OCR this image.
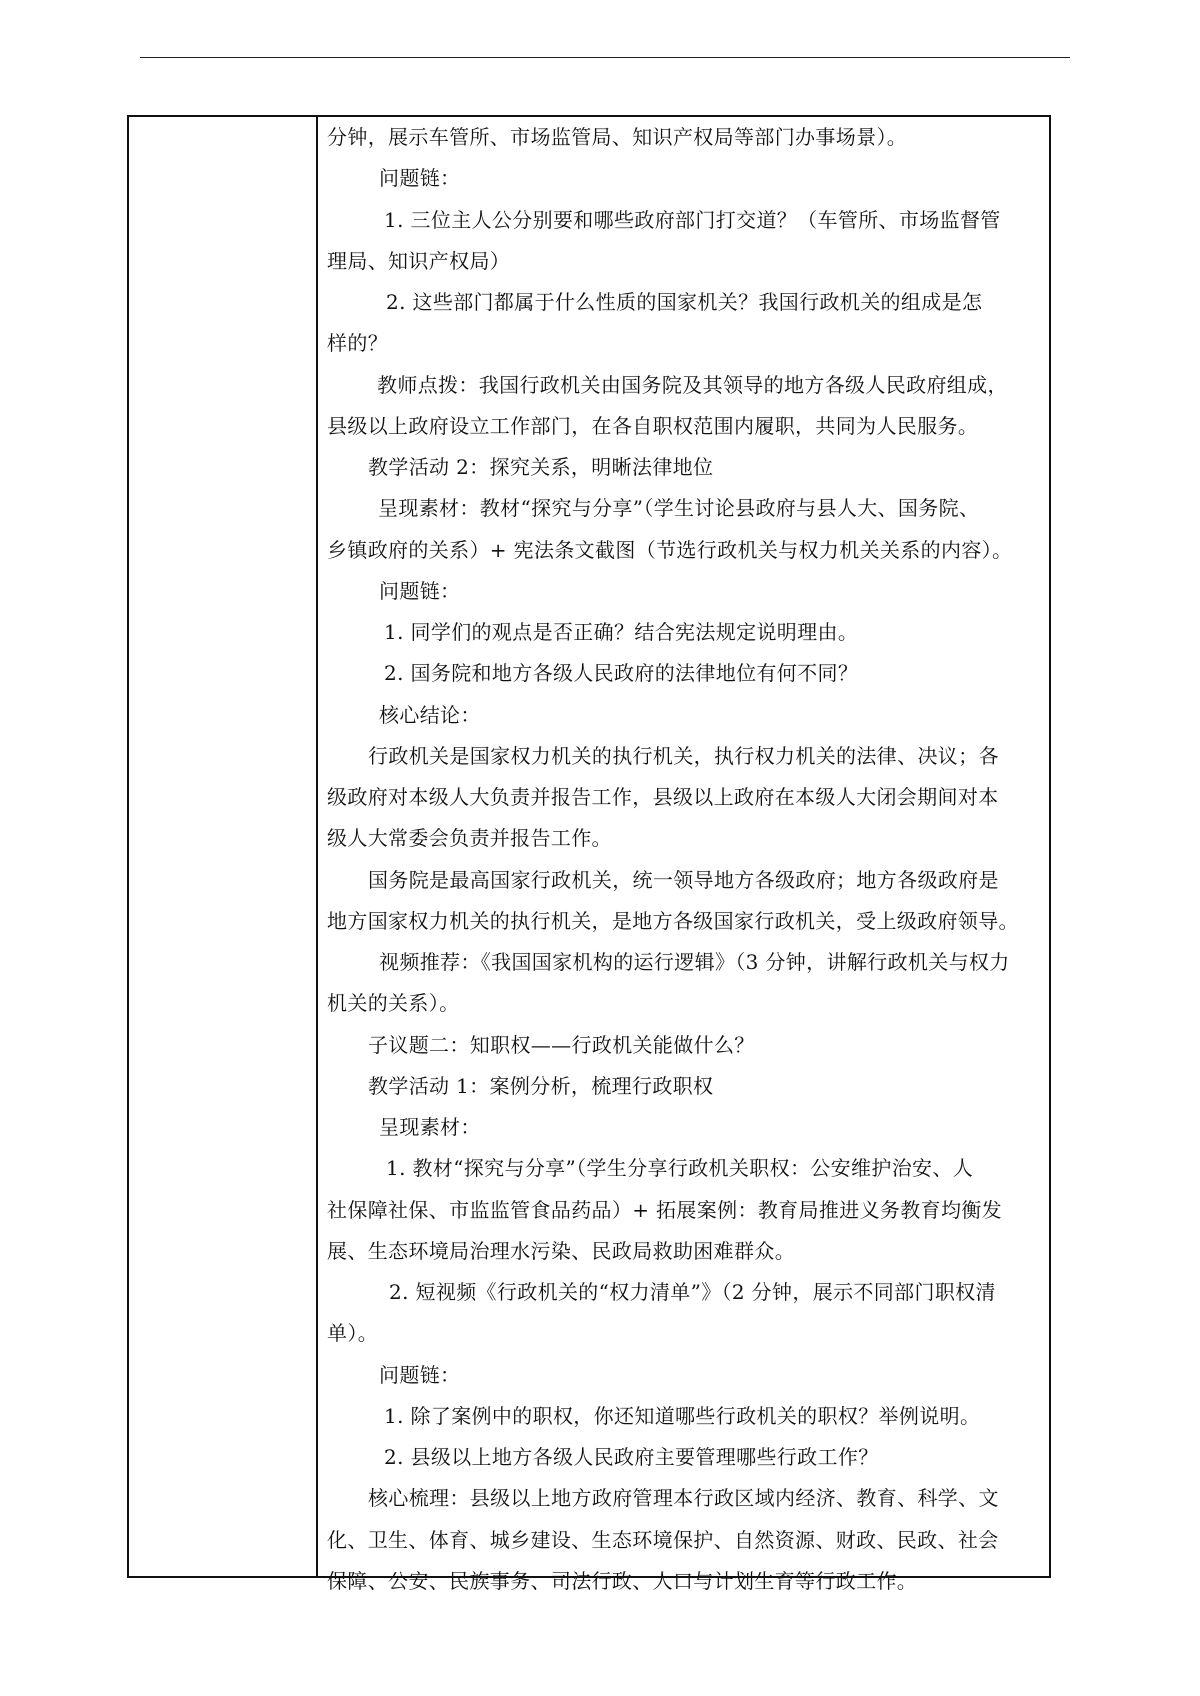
分钟，展示车管所、市场监管局、知识产权局等部门办事场景）。
问题链：
1. 三位主人公分别要和哪些政府部门打交道？（车管所、市场监督管
理局、知识产权局）
2. 这些部门都属于什么性质的国家机关？我国行政机关的组成是怎
样的？
教师点拨：我国行政机关由国务院及其领导的地方各级人民政府组成，
县级以上政府设立工作部门，在各自职权范围内履职，共同为人民服务。
教学活动 2：探究关系，明晰法律地位
呈现素材：教材“探究与分享”（学生讨论县政府与县人大、国务院、
乡镇政府的关系）+ 宪法条文截图（节选行政机关与权力机关关系的内容）。
问题链：
1. 同学们的观点是否正确？结合宪法规定说明理由。
2. 国务院和地方各级人民政府的法律地位有何不同？
核心结论：
行政机关是国家权力机关的执行机关，执行权力机关的法律、决议；各
级政府对本级人大负责并报告工作，县级以上政府在本级人大闭会期间对本
级人大常委会负责并报告工作。
国务院是最高国家行政机关，统一领导地方各级政府；地方各级政府是
地方国家权力机关的执行机关，是地方各级国家行政机关，受上级政府领导。
视频推荐：《我国国家机构的运行逻辑》（3 分钟，讲解行政机关与权力
机关的关系）。
子议题二：知职权——行政机关能做什么？
教学活动 1：案例分析，梳理行政职权
呈现素材：
1. 教材“探究与分享”（学生分享行政机关职权：公安维护治安、人
社保障社保、市监监管食品药品）+ 拓展案例：教育局推进义务教育均衡发
展、生态环境局治理水污染、民政局救助困难群众。
2. 短视频《行政机关的“权力清单”》（2 分钟，展示不同部门职权清
单）。
问题链：
1. 除了案例中的职权，你还知道哪些行政机关的职权？举例说明。
2. 县级以上地方各级人民政府主要管理哪些行政工作？
核心梳理：县级以上地方政府管理本行政区域内经济、教育、科学、文
化、卫生、体育、城乡建设、生态环境保护、自然资源、财政、民政、社会
保障、公安、民族事务、司法行政、人口与计划生育等行政工作。
